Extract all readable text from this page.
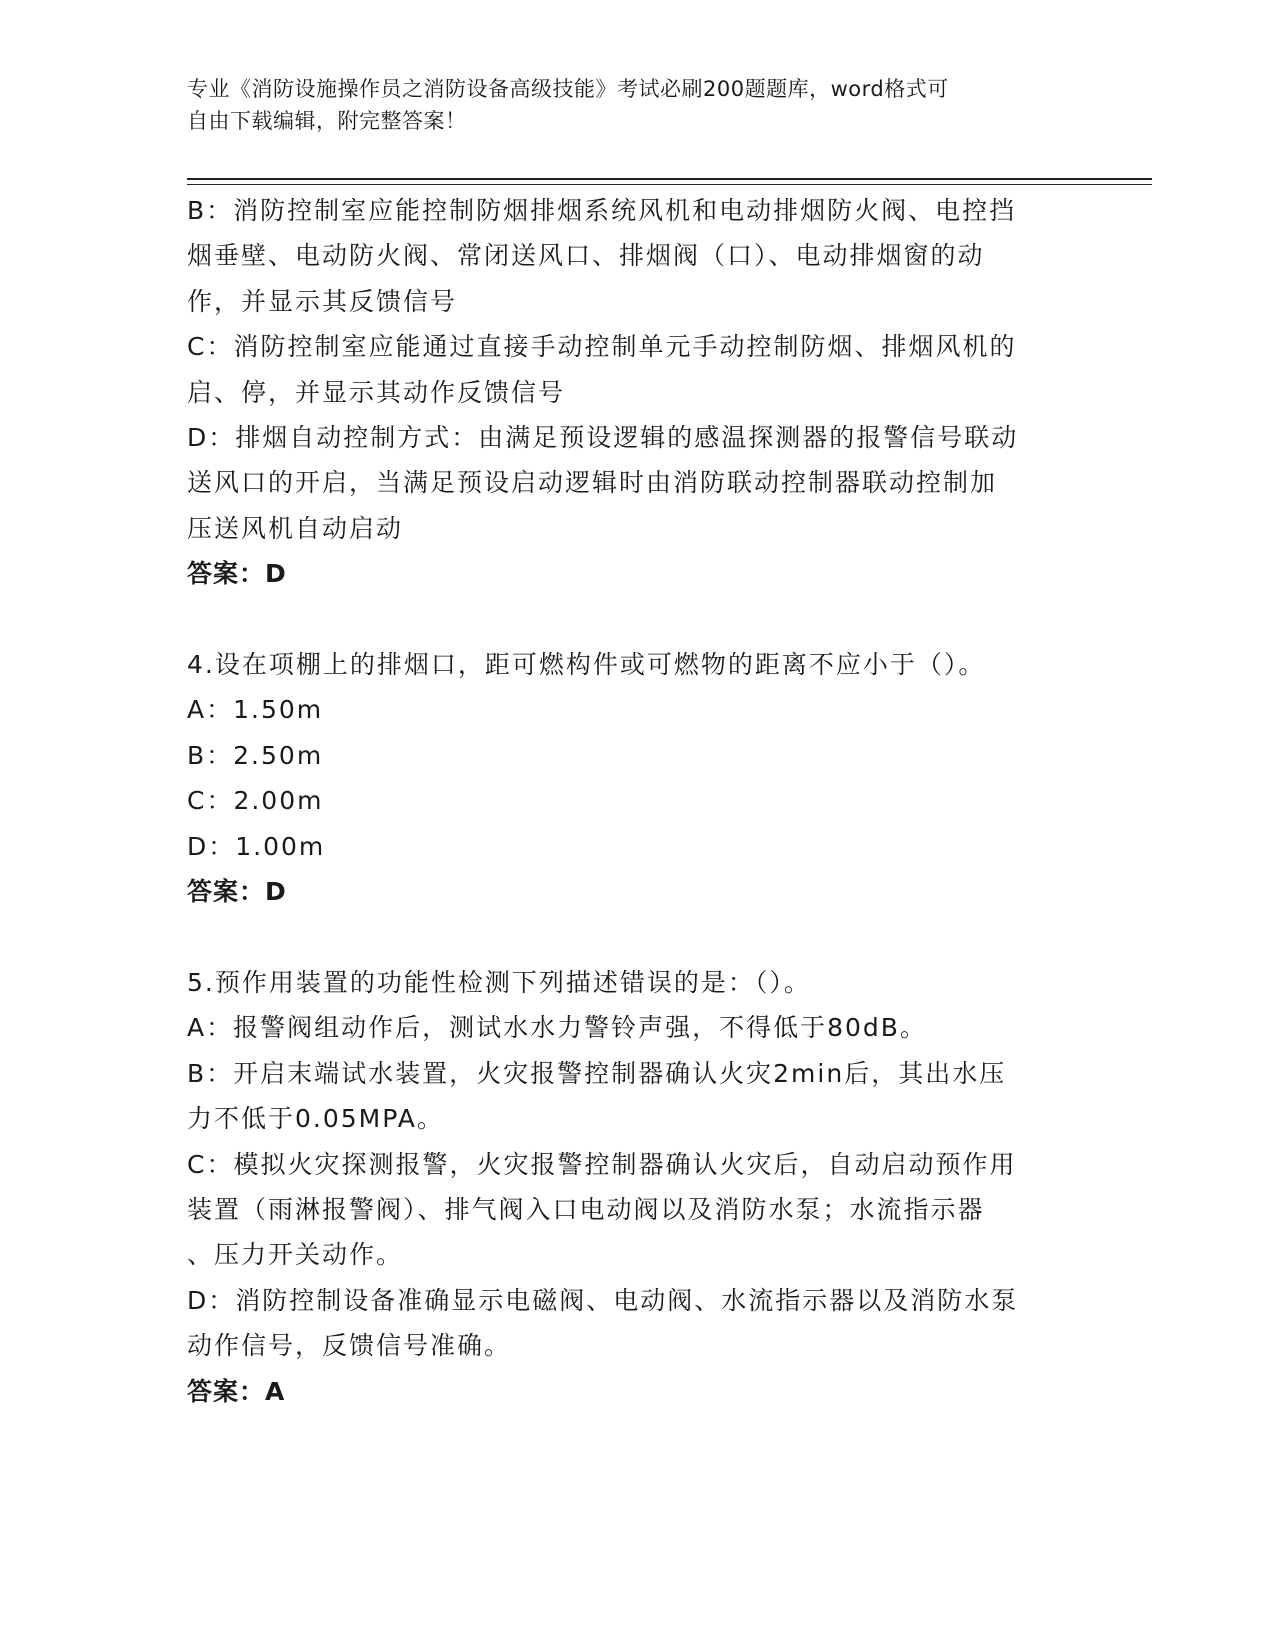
专业《消防设施操作员之消防设备高级技能》考试必刷200题题库，word格式可
自由下载编辑，附完整答案！
B：消防控制室应能控制防烟排烟系统风机和电动排烟防火阀、电控挡
烟垂壁、电动防火阀、常闭送风口、排烟阀（口）、电动排烟窗的动
作，并显示其反馈信号
C：消防控制室应能通过直接手动控制单元手动控制防烟、排烟风机的
启、停，并显示其动作反馈信号
D：排烟自动控制方式：由满足预设逻辑的感温探测器的报警信号联动
送风口的开启，当满足预设启动逻辑时由消防联动控制器联动控制加
压送风机自动启动
答案：D
4.设在项棚上的排烟口，距可燃构件或可燃物的距离不应小于（）。
A：1.50m
B：2.50m
C：2.00m
D：1.00m
答案：D
5.预作用装置的功能性检测下列描述错误的是：（）。
A：报警阀组动作后，测试水水力警铃声强，不得低于80dB。
B：开启末端试水装置，火灾报警控制器确认火灾2min后，其出水压
力不低于0.05MPA。
C：模拟火灾探测报警，火灾报警控制器确认火灾后，自动启动预作用
装置（雨淋报警阀）、排气阀入口电动阀以及消防水泵；水流指示器
、压力开关动作。
D：消防控制设备准确显示电磁阀、电动阀、水流指示器以及消防水泵
动作信号，反馈信号准确。
答案：A
